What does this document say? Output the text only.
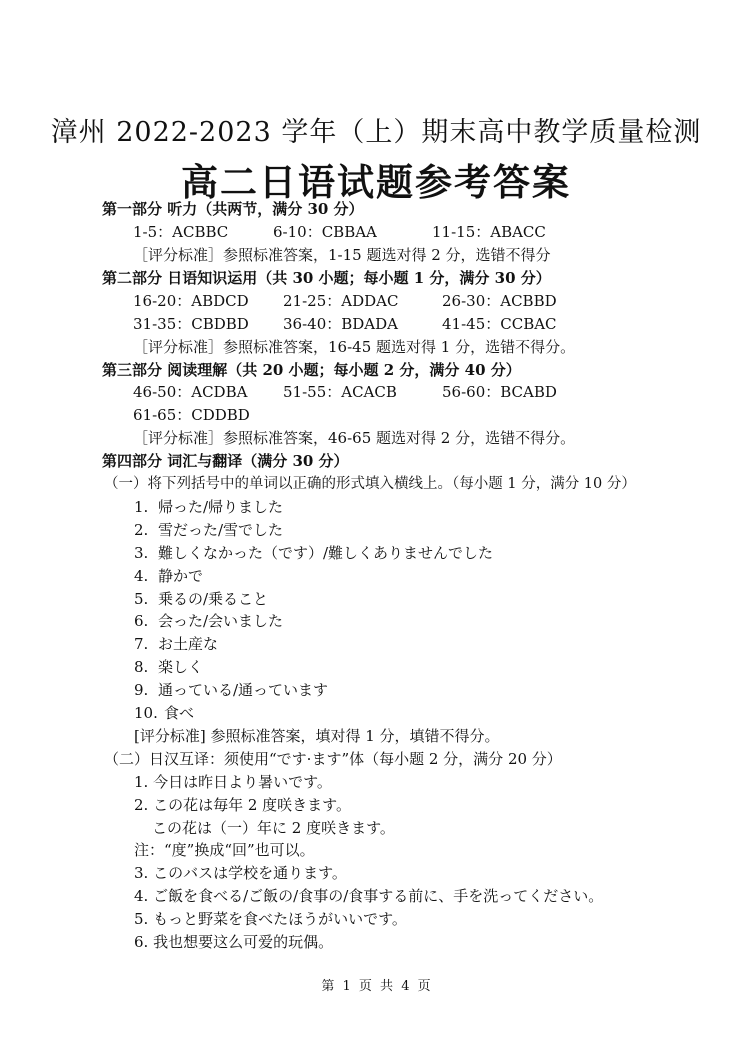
漳州 2022-2023 学年（上）期末高中教学质量检测
高二日语试题参考答案
第一部分 听力（共两节，满分 30 分）
1-5：ACBBC	6-10：CBBAA	11-15：ABACC
［评分标准］参照标准答案，1-15 题选对得 2 分，选错不得分
第二部分 日语知识运用（共 30 小题；每小题 1 分，满分 30 分）
16-20：ABDCD 21-25：ADDAC	26-30：ACBBD
31-35：CBDBD 36-40：BDADA	41-45：CCBAC
［评分标准］参照标准答案，16-45 题选对得 1 分，选错不得分。
第三部分 阅读理解（共 20 小题；每小题 2 分，满分 40 分）
46-50：ACDBA 51-55：ACACB	56-60：BCABD
61-65：CDDBD
［评分标准］参照标准答案，46-65 题选对得 2 分，选错不得分。
第四部分 词汇与翻译（满分 30 分）
（一）将下列括号中的单词以正确的形式填入横线上。（每小题 1 分，满分 10 分）
1. 帰った/帰りました
2. 雪だった/雪でした
3. 難しくなかった（です）/難しくありませんでした
4. 静かで
5. 乗るの/乗ること
6. 会った/会いました
7. お土産な
8. 楽しく
9. 通っている/通っています
10. 食べ
[评分标准] 参照标准答案，填对得 1 分，填错不得分。
（二）日汉互译：须使用“です·ます”体（每小题 2 分，满分 20 分）
1. 今日は昨日より暑いです。
2. この花は毎年 2 度咲きます。
この花は（一）年に 2 度咲きます。
注：“度”换成“回”也可以。
3. このバスは学校を通ります。
4. ご飯を食べる/ご飯の/食事の/食事する前に、手を洗ってください。
5. もっと野菜を食べたほうがいいです。
6. 我也想要这么可爱的玩偶。
第 1 页 共 4 页
